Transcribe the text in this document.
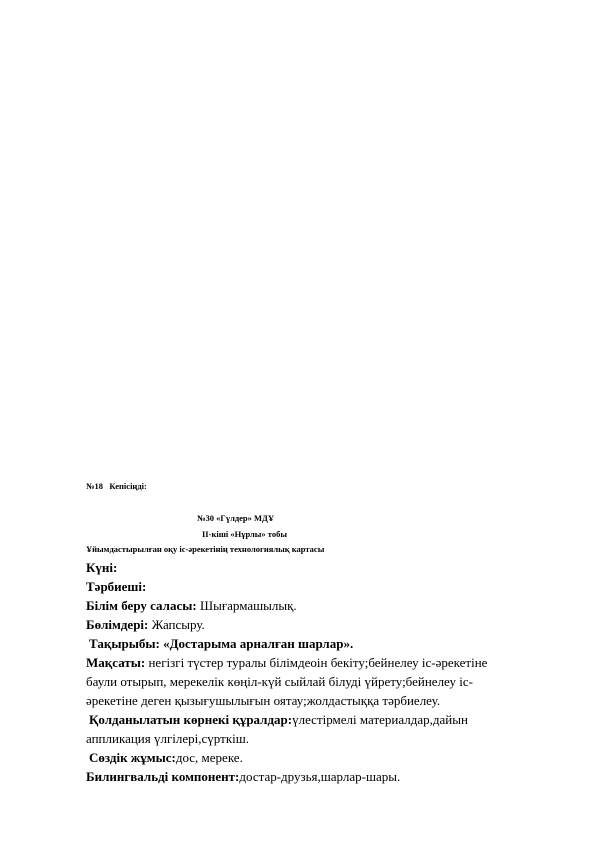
№18 Кепісіңді:
№30 «Гүлдер» МДҰ
II-кіші «Нұрлы» тобы
Ұйымдастырылған оқу іс-әрекетінің технологиялық картасы
Күні:
Тәрбиеші:
Білім беру саласы: Шығармашылық.
Бөлімдері: Жапсыру.
Тақырыбы: «Достарыма арналған шарлар».
Мақсаты: негізгі түстер туралы білімдеоін бекіту;бейнелеу іс-әрекетіне
баули отырып, мерекелік көңіл-күй сыйлай білуді үйрету;бейнелеу іс-
әрекетіне деген қызығушылығын оятау;жолдастыққа тәрбиелеу.
Қолданылатын көрнекі құралдар:үлестірмелі материалдар,дайын
аппликация үлгілері,сүрткіш.
Сөздік жұмыс:дос, мереке.
Билингвальді компонент:достар-друзья,шарлар-шары.
